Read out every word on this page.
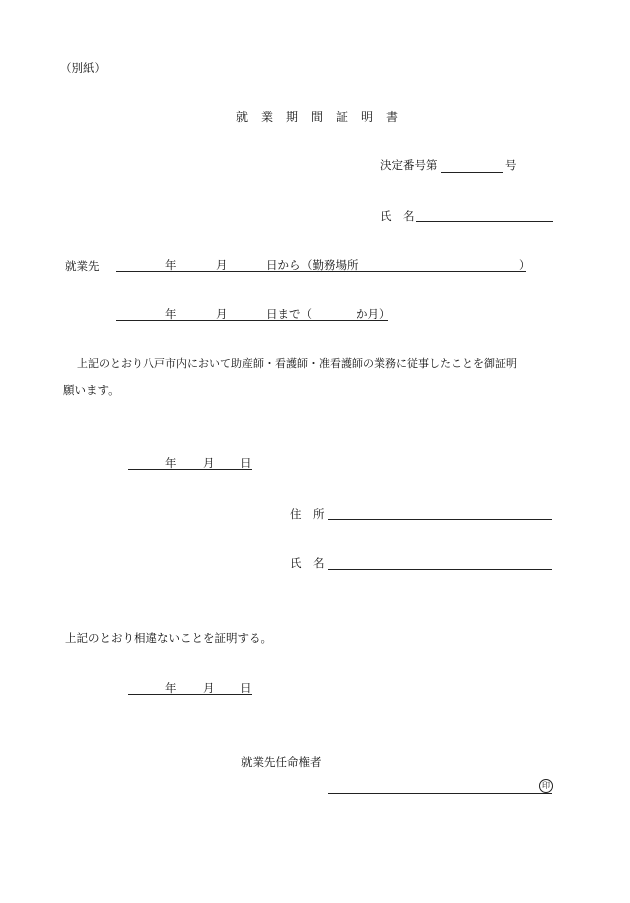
（別紙）
就業期間証明書
決定番号第	号
氏　名
就業先	年	月	日から （勤務場所	）
年	月	日まで（	か月）
上記のとおり八戸市内において助産師・看護師・准看護師の業務に従事したことを御証明
願います。
年 月 日
住　所
氏　名
上記のとおり相違ないことを証明する。
年 月 日
就業先任命権者
印
